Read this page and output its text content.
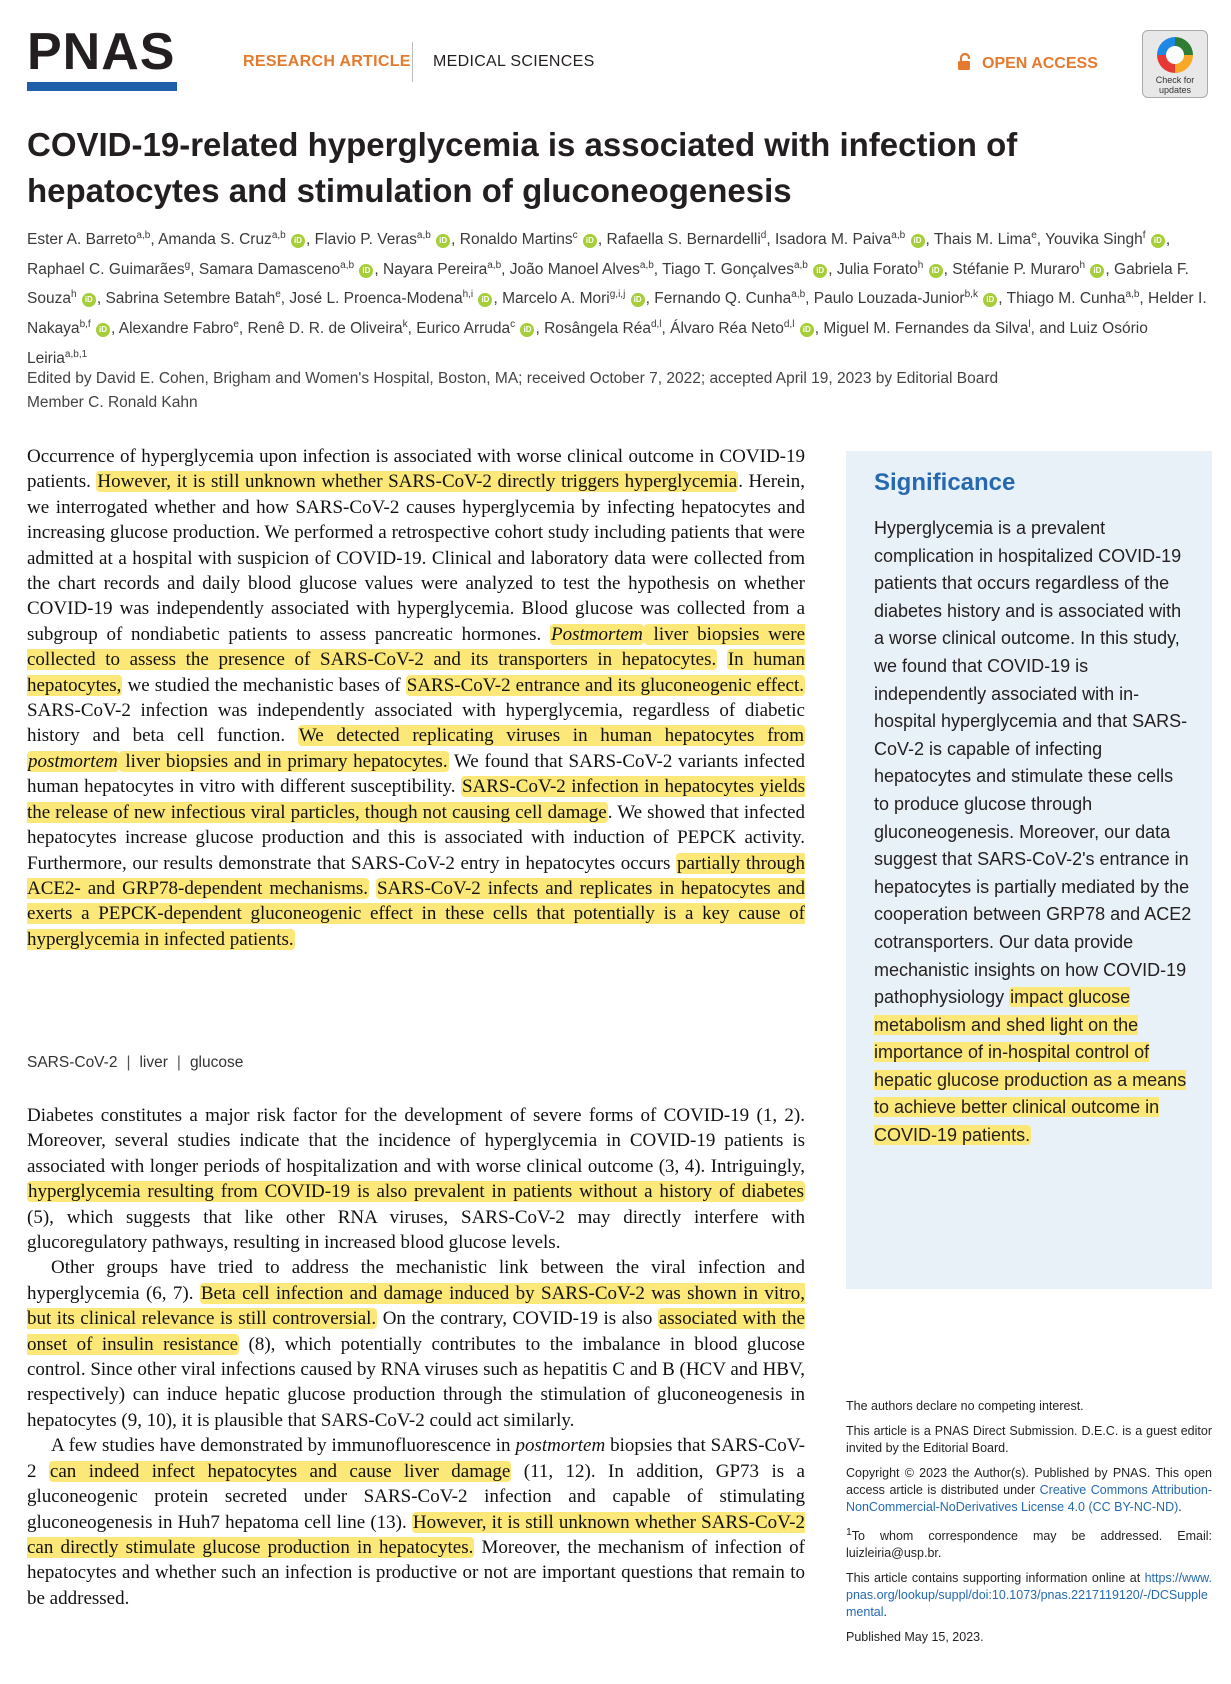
PNAS	RESEARCH ARTICLE MEDICAL SCIENCES	OPEN ACCESS
Check for
updates
COVID-19-related hyperglycemia is associated with infection of hepatocytes and stimulation of gluconeogenesis
Ester A. Barreto$^{a,b}$, Amanda S. Cruz$^{a,b}$ iD , Flavio P. Veras$^{a,b}$ iD , Ronaldo Martins$^c$ iD , Rafaella S. Bernardelli$^d$, Isadora M. Paiva$^{a,b}$ iD , Thais M. Lima$^e$, Youvika Singh$^f$ iD , Raphael C. Guimarães$^g$, Samara Damasceno$^{a,b}$ iD , Nayara Pereira$^{a,b}$, João Manoel Alves$^{a,b}$, Tiago T. Gonçalves$^{a,b}$ iD , Julia Forato$^h$ iD , Stéfanie P. Muraro$^h$ iD , Gabriela F. Souza$^h$ iD , Sabrina Setembre Batah$^e$, José L. Proenca-Modena$^{h,i}$ iD , Marcelo A. Mori$^{g,i,j}$ iD , Fernando Q. Cunha$^{a,b}$, Paulo Louzada-Junior$^{b,k}$ iD , Thiago M. Cunha$^{a,b}$, Helder I. Nakaya$^{b,f}$ iD , Alexandre Fabro$^e$, Renê D. R. de Oliveira$^k$, Eurico Arruda$^c$ iD , Rosângela Réa$^{d,l}$, Álvaro Réa Neto$^{d,l}$ iD , Miguel M. Fernandes da Silva$^l$, and Luiz Osório Leiria$^{a,b,1}$
Edited by David E. Cohen, Brigham and Women's Hospital, Boston, MA; received October 7, 2022; accepted April 19, 2023 by Editorial Board Member C. Ronald Kahn
Occurrence of hyperglycemia upon infection is associated with worse clinical outcome in COVID-19 patients. However, it is still unknown whether SARS-CoV-2 directly triggers hyperglycemia. Herein, we interrogated whether and how SARS-CoV-2 causes hyperglycemia by infecting hepatocytes and increasing glucose production. We performed a retrospective cohort study including patients that were admitted at a hospital with suspicion of COVID-19. Clinical and laboratory data were collected from the chart records and daily blood glucose values were analyzed to test the hypothesis on whether COVID-19 was independently associated with hyperglycemia. Blood glucose was collected from a subgroup of nondiabetic patients to assess pancreatic hormones. Postmortem liver biopsies were collected to assess the presence of SARS-CoV-2 and its transporters in hepatocytes. In human hepatocytes, we studied the mechanistic bases of SARS-CoV-2 entrance and its gluconeogenic effect. SARS-CoV-2 infection was independently associated with hyperglycemia, regardless of diabetic history and beta cell function. We detected replicating viruses in human hepatocytes from postmortem liver biopsies and in primary hepatocytes. We found that SARS-CoV-2 variants infected human hepatocytes in vitro with different susceptibility. SARS-CoV-2 infection in hepatocytes yields the release of new infectious viral particles, though not causing cell damage. We showed that infected hepatocytes increase glucose production and this is associated with induction of PEPCK activity. Furthermore, our results demonstrate that SARS-CoV-2 entry in hepatocytes occurs partially through ACE2- and GRP78-dependent mechanisms. SARS-CoV-2 infects and replicates in hepatocytes and exerts a PEPCK-dependent gluconeogenic effect in these cells that potentially is a key cause of hyperglycemia in infected patients.
SARS-CoV-2 | liver | glucose

Diabetes constitutes a major risk factor for the development of severe forms of COVID-19 (1, 2). Moreover, several studies indicate that the incidence of hyperglycemia in COVID-19 patients is associated with longer periods of hospitalization and with worse clinical outcome (3, 4). Intriguingly, hyperglycemia resulting from COVID-19 is also prevalent in patients without a history of diabetes (5), which suggests that like other RNA viruses, SARS-CoV-2 may directly interfere with glucoregulatory pathways, resulting in increased blood glucose levels.

Other groups have tried to address the mechanistic link between the viral infection and hyperglycemia (6, 7). Beta cell infection and damage induced by SARS-CoV-2 was shown in vitro, but its clinical relevance is still controversial. On the contrary, COVID-19 is also associated with the onset of insulin resistance (8), which potentially contributes to the imbalance in blood glucose control. Since other viral infections caused by RNA viruses such as hepatitis C and B (HCV and HBV, respectively) can induce hepatic glucose production through the stimulation of gluconeogenesis in hepatocytes (9, 10), it is plausible that SARS-CoV-2 could act similarly.

A few studies have demonstrated by immunofluorescence in postmortem biopsies that SARS-CoV-2 can indeed infect hepatocytes and cause liver damage (11, 12). In addition, GP73 is a gluconeogenic protein secreted under SARS-CoV-2 infection and capable of stimulating gluconeogenesis in Huh7 hepatoma cell line (13). However, it is still unknown whether SARS-CoV-2 can directly stimulate glucose production in hepatocytes. Moreover, the mechanism of infection of hepatocytes and whether such an infection is productive or not are important questions that remain to be addressed.

Significance
Hyperglycemia is a prevalent complication in hospitalized COVID-19 patients that occurs regardless of the diabetes history and is associated with a worse clinical outcome. In this study, we found that COVID-19 is independently associated with in-hospital hyperglycemia and that SARS-CoV-2 is capable of infecting hepatocytes and stimulate these cells to produce glucose through gluconeogenesis. Moreover, our data suggest that SARS-CoV-2's entrance in hepatocytes is partially mediated by the cooperation between GRP78 and ACE2 cotransporters. Our data provide mechanistic insights on how COVID-19 pathophysiology impact glucose metabolism and shed light on the importance of in-hospital control of hepatic glucose production as a means to achieve better clinical outcome in COVID-19 patients.

The authors declare no competing interest.

This article is a PNAS Direct Submission. D.E.C. is a guest editor invited by the Editorial Board.

Copyright © 2023 the Author(s). Published by PNAS. This open access article is distributed under Creative Commons Attribution-NonCommercial-NoDerivatives License 4.0 (CC BY-NC-ND).

$^1$To whom correspondence may be addressed. Email: luizleiria@usp.br.

This article contains supporting information online at https://www.pnas.org/lookup/suppl/doi:10.1073/pnas.2217119120/-/DCSupplemental.

Published May 15, 2023.
